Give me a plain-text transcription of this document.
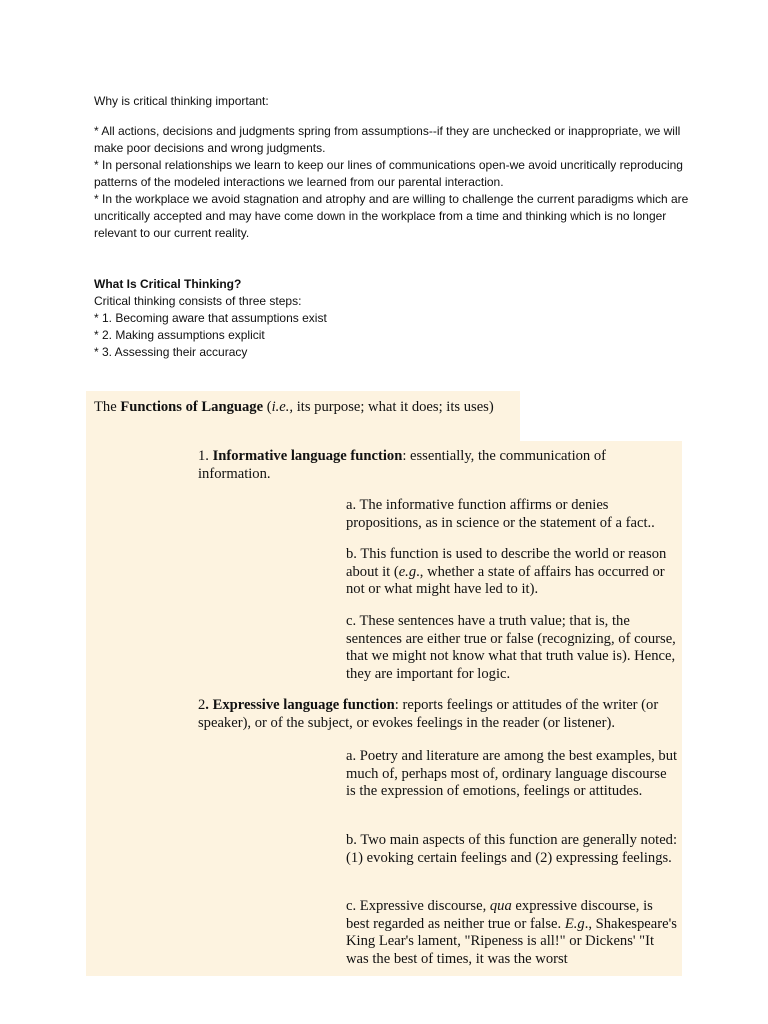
Why is critical thinking important:

* All actions, decisions and judgments spring from assumptions--if they are unchecked or inappropriate, we will make poor decisions and wrong judgments.

* In personal relationships we learn to keep our lines of communications open-we avoid uncritically reproducing patterns of the modeled interactions we learned from our parental interaction.

* In the workplace we avoid stagnation and atrophy and are willing to challenge the current paradigms which are uncritically accepted and may have come down in the workplace from a time and thinking which is no longer relevant to our current reality.

What Is Critical Thinking?

Critical thinking consists of three steps:

* 1. Becoming aware that assumptions exist

* 2. Making assumptions explicit

* 3. Assessing their accuracy

The Functions of Language (i.e., its purpose; what it does; its uses)

1. Informative language function: essentially, the communication of information.

a. The informative function affirms or denies propositions, as in science or the statement of a fact..

b. This function is used to describe the world or reason about it (e.g., whether a state of affairs has occurred or not or what might have led to it).

c. These sentences have a truth value; that is, the sentences are either true or false (recognizing, of course, that we might not know what that truth value is). Hence, they are important for logic.

2. Expressive language function: reports feelings or attitudes of the writer (or speaker), or of the subject, or evokes feelings in the reader (or listener).

a. Poetry and literature are among the best examples, but much of, perhaps most of, ordinary language discourse is the expression of emotions, feelings or attitudes.

b. Two main aspects of this function are generally noted: (1) evoking certain feelings and (2) expressing feelings.

c. Expressive discourse, qua expressive discourse, is best regarded as neither true or false. E.g., Shakespeare's King Lear's lament, "Ripeness is all!" or Dickens' "It was the best of times, it was the worst
